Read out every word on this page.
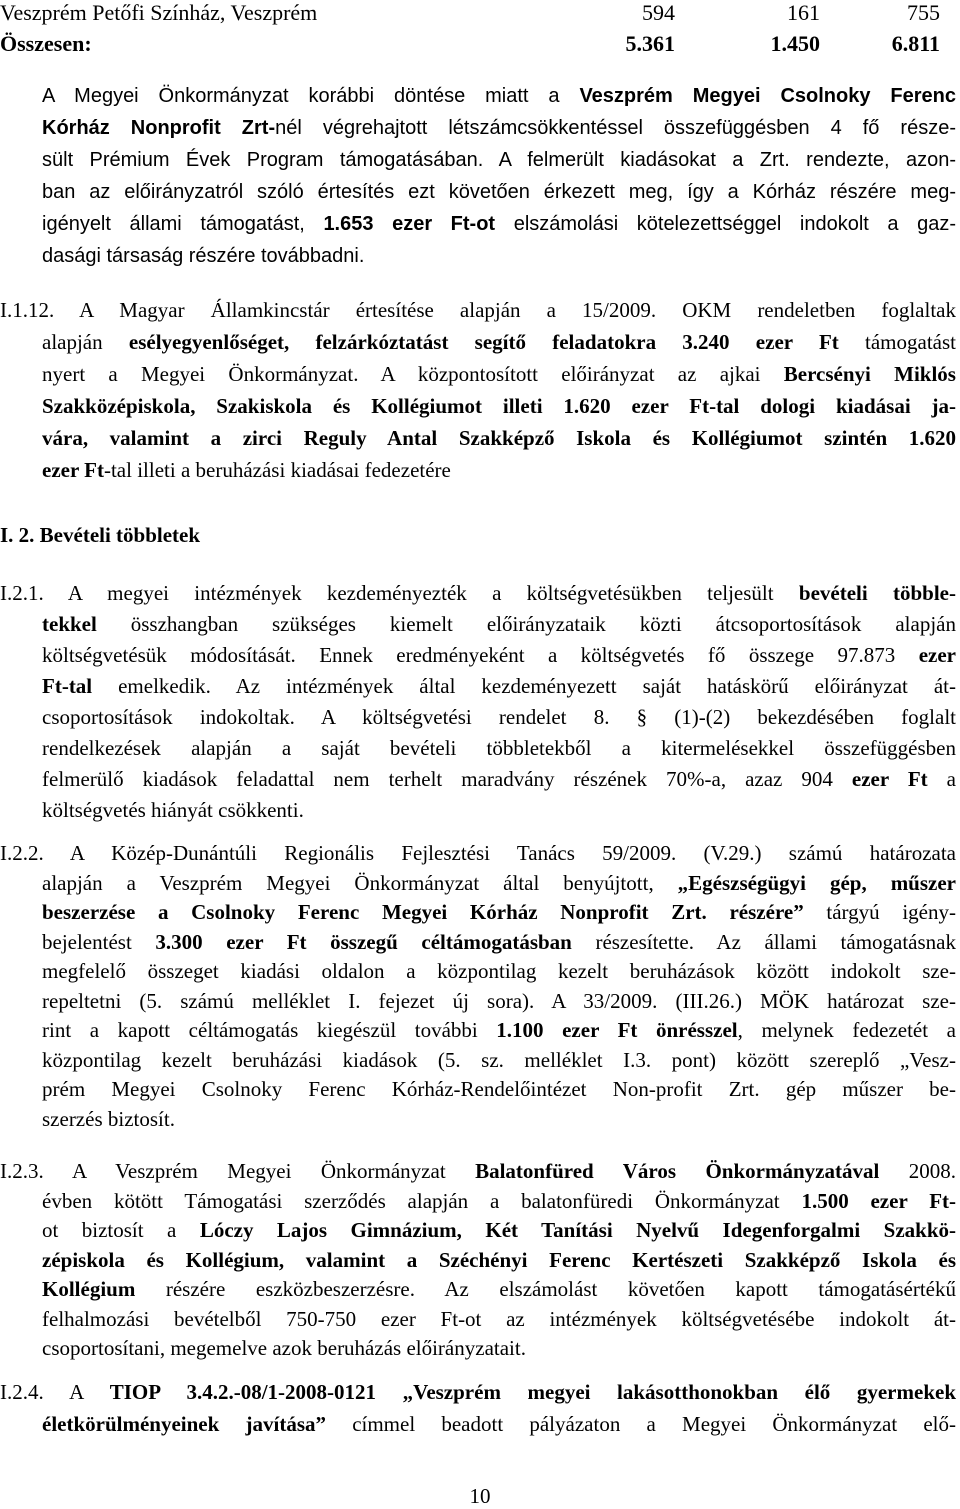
Veszprém Petőfi Színház, Veszprém	594	161	755
Összesen:	5.361	1.450	6.811
A Megyei Önkormányzat korábbi döntése miatt a Veszprém Megyei Csolnoky Ferenc
Kórház Nonprofit Zrt-nél végrehajtott létszámcsökkentéssel összefüggésben 4 fő része-
sült Prémium Évek Program támogatásában. A felmerült kiadásokat a Zrt. rendezte, azon-
ban az előirányzatról szóló értesítés ezt követően érkezett meg, így a Kórház részére meg-
igényelt állami támogatást, 1.653 ezer Ft-ot elszámolási kötelezettséggel indokolt a gaz-
dasági társaság részére továbbadni.
I.1.12. A Magyar Államkincstár értesítése alapján a 15/2009. OKM rendeletben foglaltak
alapján esélyegyenlőséget, felzárkóztatást segítő feladatokra 3.240 ezer Ft támogatást
nyert a Megyei Önkormányzat. A központosított előirányzat az ajkai Bercsényi Miklós
Szakközépiskola, Szakiskola és Kollégiumot illeti 1.620 ezer Ft-tal dologi kiadásai ja-
vára, valamint a zirci Reguly Antal Szakképző Iskola és Kollégiumot szintén 1.620
ezer Ft-tal illeti a beruházási kiadásai fedezetére
I. 2. Bevételi többletek
I.2.1. A megyei intézmények kezdeményezték a költségvetésükben teljesült bevételi többle-
tekkel összhangban szükséges kiemelt előirányzataik közti átcsoportosítások alapján
költségvetésük módosítását. Ennek eredményeként a költségvetés fő összege 97.873 ezer
Ft-tal emelkedik. Az intézmények által kezdeményezett saját hatáskörű előirányzat át-
csoportosítások indokoltak. A költségvetési rendelet 8. § (1)-(2) bekezdésében foglalt
rendelkezések alapján a saját bevételi többletekből a kitermelésekkel összefüggésben
felmerülő kiadások feladattal nem terhelt maradvány részének 70%-a, azaz 904 ezer Ft a
költségvetés hiányát csökkenti.
I.2.2. A Közép-Dunántúli Regionális Fejlesztési Tanács 59/2009. (V.29.) számú határozata
alapján a Veszprém Megyei Önkormányzat által benyújtott, „Egészségügyi gép, műszer
beszerzése a Csolnoky Ferenc Megyei Kórház Nonprofit Zrt. részére” tárgyú igény-
bejelentést 3.300 ezer Ft összegű céltámogatásban részesítette. Az állami támogatásnak
megfelelő összeget kiadási oldalon a központilag kezelt beruházások között indokolt sze-
repeltetni (5. számú melléklet I. fejezet új sora). A 33/2009. (III.26.) MÖK határozat sze-
rint a kapott céltámogatás kiegészül további 1.100 ezer Ft önrésszel, melynek fedezetét a
központilag kezelt beruházási kiadások (5. sz. melléklet I.3. pont) között szereplő „Vesz-
prém Megyei Csolnoky Ferenc Kórház-Rendelőintézet Non-profit Zrt. gép műszer be-
szerzés biztosít.
I.2.3. A Veszprém Megyei Önkormányzat Balatonfüred Város Önkormányzatával 2008.
évben kötött Támogatási szerződés alapján a balatonfüredi Önkormányzat 1.500 ezer Ft-
ot biztosít a Lóczy Lajos Gimnázium, Két Tanítási Nyelvű Idegenforgalmi Szakkö-
zépiskola és Kollégium, valamint a Széchényi Ferenc Kertészeti Szakképző Iskola és
Kollégium részére eszközbeszerzésre. Az elszámolást követően kapott támogatásértékű
felhalmozási bevételből 750-750 ezer Ft-ot az intézmények költségvetésébe indokolt át-
csoportosítani, megemelve azok beruházás előirányzatait.
I.2.4. A TIOP 3.4.2.-08/1-2008-0121 „Veszprém megyei lakásotthonokban élő gyermekek
életkörülményeinek javítása” címmel beadott pályázaton a Megyei Önkormányzat elő-
10
